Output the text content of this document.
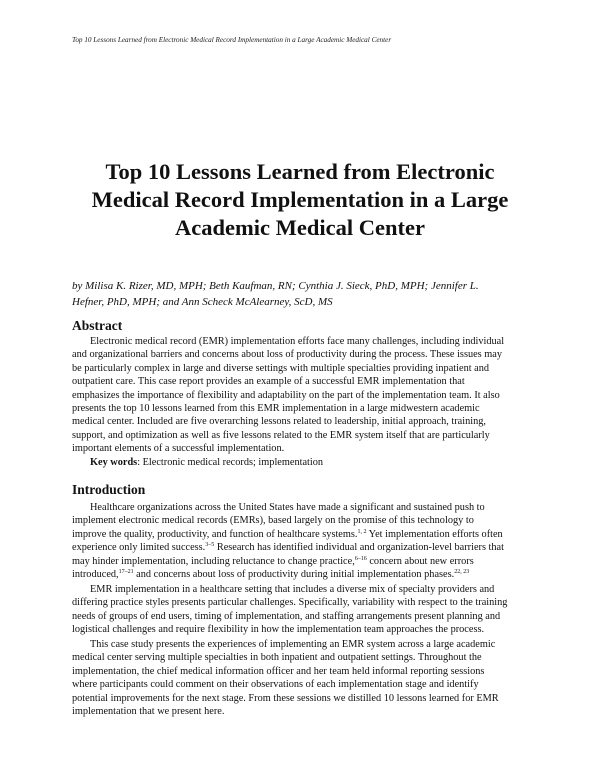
Top 10 Lessons Learned from Electronic Medical Record Implementation in a Large Academic Medical Center
Top 10 Lessons Learned from Electronic
Medical Record Implementation in a Large
Academic Medical Center
by Milisa K. Rizer, MD, MPH; Beth Kaufman, RN; Cynthia J. Sieck, PhD, MPH; Jennifer L.
Hefner, PhD, MPH; and Ann Scheck McAlearney, ScD, MS
Abstract
Electronic medical record (EMR) implementation efforts face many challenges, including individual
and organizational barriers and concerns about loss of productivity during the process. These issues may
be particularly complex in large and diverse settings with multiple specialties providing inpatient and
outpatient care. This case report provides an example of a successful EMR implementation that
emphasizes the importance of flexibility and adaptability on the part of the implementation team. It also
presents the top 10 lessons learned from this EMR implementation in a large midwestern academic
medical center. Included are five overarching lessons related to leadership, initial approach, training,
support, and optimization as well as five lessons related to the EMR system itself that are particularly
important elements of a successful implementation.
Key words: Electronic medical records; implementation
Introduction
Healthcare organizations across the United States have made a significant and sustained push to
implement electronic medical records (EMRs), based largely on the promise of this technology to
improve the quality, productivity, and function of healthcare systems.$^{1, 2}$ Yet implementation efforts often
experience only limited success.$^{3-5}$ Research has identified individual and organization-level barriers that
may hinder implementation, including reluctance to change practice,$^{6-16}$ concern about new errors
introduced,$^{17-21}$ and concerns about loss of productivity during initial implementation phases.$^{22, 23}$
EMR implementation in a healthcare setting that includes a diverse mix of specialty providers and
differing practice styles presents particular challenges. Specifically, variability with respect to the training
needs of groups of end users, timing of implementation, and staffing arrangements present planning and
logistical challenges and require flexibility in how the implementation team approaches the process.
This case study presents the experiences of implementing an EMR system across a large academic
medical center serving multiple specialties in both inpatient and outpatient settings. Throughout the
implementation, the chief medical information officer and her team held informal reporting sessions
where participants could comment on their observations of each implementation stage and identify
potential improvements for the next stage. From these sessions we distilled 10 lessons learned for EMR
implementation that we present here.
